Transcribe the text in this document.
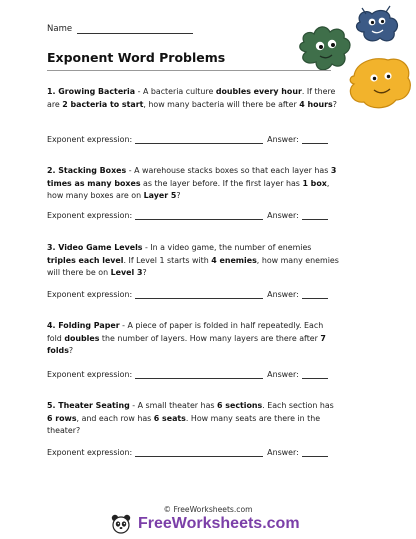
Name
Exponent Word Problems
1. Growing Bacteria - A bacteria culture doubles every hour. If there are 2 bacteria to start, how many bacteria will there be after 4 hours?
Exponent expression:	Answer:
2. Stacking Boxes - A warehouse stacks boxes so that each layer has 3 times as many boxes as the layer before. If the first layer has 1 box, how many boxes are on Layer 5?
Exponent expression:	Answer:
3. Video Game Levels - In a video game, the number of enemies triples each level. If Level 1 starts with 4 enemies, how many enemies will there be on Level 3?
Exponent expression:	Answer:
4. Folding Paper - A piece of paper is folded in half repeatedly. Each fold doubles the number of layers. How many layers are there after 7 folds?
Exponent expression:	Answer:
5. Theater Seating - A small theater has 6 sections. Each section has 6 rows, and each row has 6 seats. How many seats are there in the theater?
Exponent expression:	Answer:
© FreeWorksheets.com
FreeWorksheets.com
